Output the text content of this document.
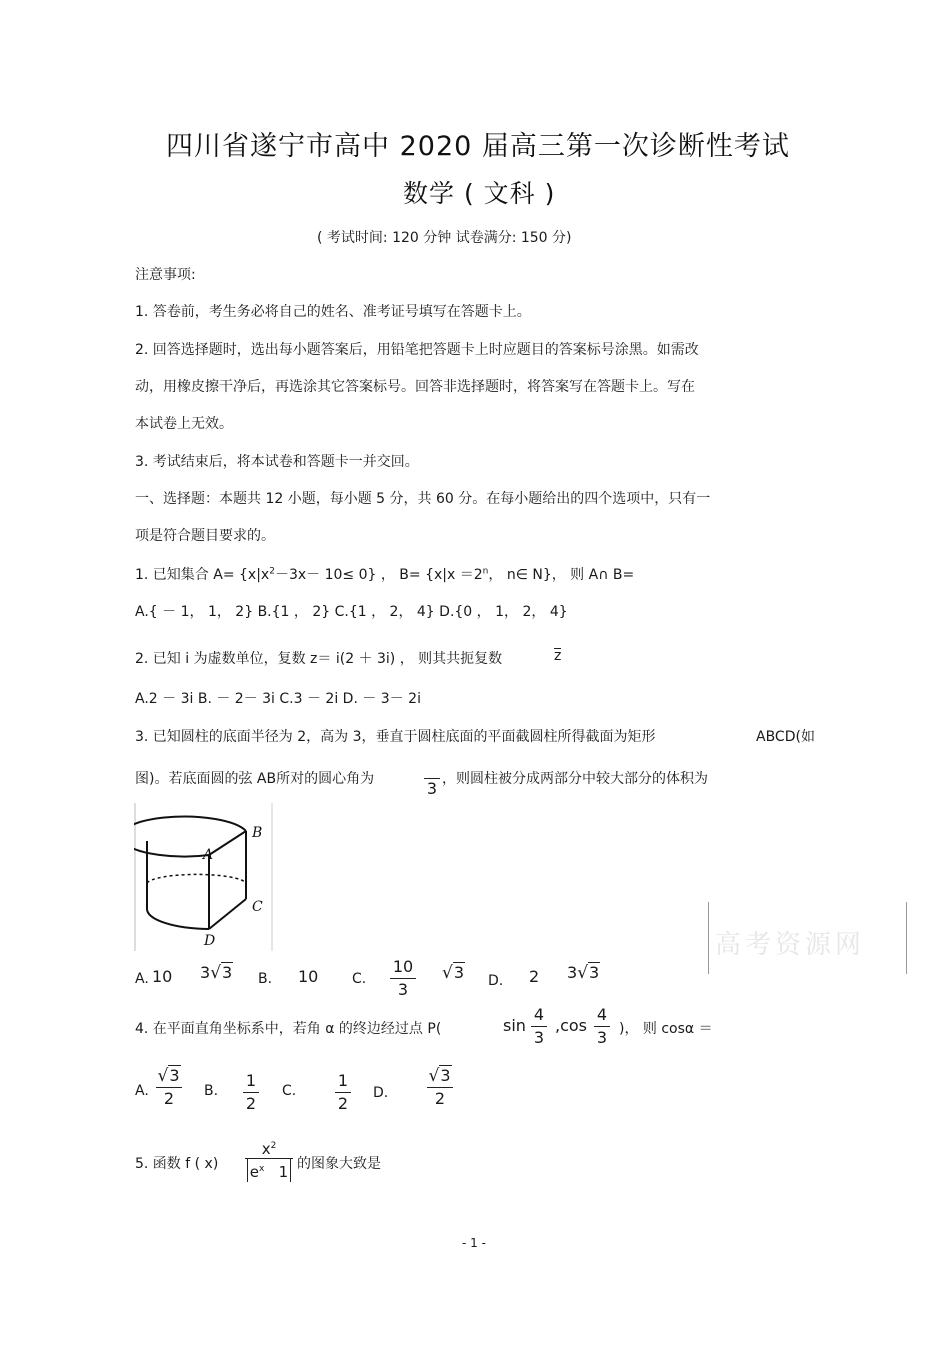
四川省遂宁市高中 2020 届高三第一次诊断性考试
数学 ( 文科 )
( 考试时间: 120 分钟 试卷满分: 150 分)
注意事项:
1. 答卷前，考生务必将自己的姓名、准考证号填写在答题卡上。
2. 回答选择题时，选出每小题答案后，用铅笔把答题卡上时应题目的答案标号涂黑。如需改
动，用橡皮擦干净后，再选涂其它答案标号。回答非选择题时，将答案写在答题卡上。写在
本试卷上无效。
3. 考试结束后，将本试卷和答题卡一并交回。
一、选择题：本题共 12 小题，每小题 5 分，共 60 分。在每小题给出的四个选项中，只有一
项是符合题目要求的。
1. 已知集合 $A= \{x|x^2-3x- 10\le 0\}$ ， $B= \{x|x =2^n$， n∈ N}， 则 A∩ B=
A.{ － 1， 1， 2} B.{1 ， 2} C.{1 ， 2， 4} D.{0 ， 1， 2， 4}
2. 已知 i 为虚数单位，复数 z＝ i(2 ＋ 3i) ， 则其共扼复数	z
A.2 － 3i B. － 2－ 3i C.3 － 2i D. － 3－ 2i
3. 已知圆柱的底面半径为 2，高为 3，垂直于圆柱底面的平面截圆柱所得截面为矩形	ABCD(如
图)。若底面圆的弦 AB所对的圆心角为	3 ，则圆柱被分成两部分中较大部分的体积为
A
B
C
D	高考资源网
A. 10 3√3 B. 10 C.
10
3
√3 D. 2 3√3
4. 在平面直角坐标系中，若角 α 的终边经过点 P(	sin
4
3
,cos
4
3 )， 则 cosα ＝
A.
√3
2	B.
1
2
C.
1
2
D.
√3
2
5. 函数 f ( x)
$x^2$
$e^x$ 1 的图象大致是
- 1 -
